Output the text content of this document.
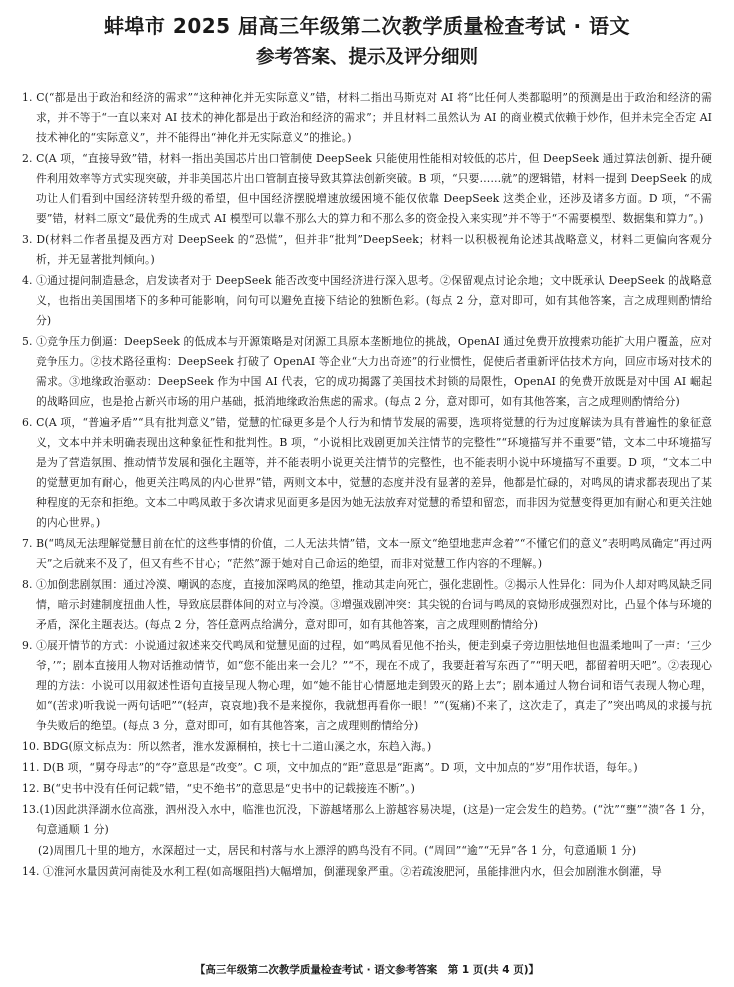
蚌埠市 2025 届高三年级第二次教学质量检查考试 · 语文
参考答案、提示及评分细则

1. C(“都是出于政治和经济的需求”“这种神化并无实际意义”错，材料二指出马斯克对 AI 将“比任何人类都聪明”的预测是出于政治和经济的需求，并不等于“一直以来对 AI 技术的神化都是出于政治和经济的需求”；并且材料二虽然认为 AI 的商业模式依赖于炒作，但并未完全否定 AI 技术神化的“实际意义”，并不能得出“神化并无实际意义”的推论。)

2. C(A 项，“直接导致”错，材料一指出美国芯片出口管制使 DeepSeek 只能使用性能相对较低的芯片，但 DeepSeek 通过算法创新、提升硬件利用效率等方式实现突破，并非美国芯片出口管制直接导致其算法创新突破。B 项，“只要……就”的逻辑错，材料一提到 DeepSeek 的成功让人们看到中国经济转型升级的希望，但中国经济摆脱增速放缓困境不能仅依靠 DeepSeek 这类企业，还涉及诸多方面。D 项，“不需要”错，材料二原文“最优秀的生成式 AI 模型可以靠不那么大的算力和不那么多的资金投入来实现”并不等于“不需要模型、数据集和算力”。)

3. D(材料二作者虽提及西方对 DeepSeek 的“恐慌”，但并非“批判”DeepSeek；材料一以积极视角论述其战略意义，材料二更偏向客观分析，并无显著批判倾向。)

4. ①通过提问制造悬念，启发读者对于 DeepSeek 能否改变中国经济进行深入思考。②保留观点讨论余地；文中既承认 DeepSeek 的战略意义，也指出美国围堵下的多种可能影响，问句可以避免直接下结论的独断色彩。(每点 2 分，意对即可，如有其他答案，言之成理则酌情给分)

5. ①竞争压力倒逼：DeepSeek 的低成本与开源策略是对闭源工具原本垄断地位的挑战，OpenAI 通过免费开放搜索功能扩大用户覆盖，应对竞争压力。②技术路径重构：DeepSeek 打破了 OpenAI 等企业“大力出奇迹”的行业惯性，促使后者重新评估技术方向，回应市场对技术的需求。③地缘政治驱动：DeepSeek 作为中国 AI 代表，它的成功揭露了美国技术封锁的局限性，OpenAI 的免费开放既是对中国 AI 崛起的战略回应，也是抢占新兴市场的用户基础，抵消地缘政治焦虑的需求。(每点 2 分，意对即可，如有其他答案，言之成理则酌情给分)

6. C(A 项，“普遍矛盾”“具有批判意义”错，觉慧的忙碌更多是个人行为和情节发展的需要，选项将觉慧的行为过度解读为具有普遍性的象征意义，文本中并未明确表现出这种象征性和批判性。B 项，“小说相比戏剧更加关注情节的完整性”“环境描写并不重要”错，文本二中环境描写是为了营造氛围、推动情节发展和强化主题等，并不能表明小说更关注情节的完整性，也不能表明小说中环境描写不重要。D 项，“文本二中的觉慧更加有耐心，他更关注鸣凤的内心世界”错，两则文本中，觉慧的态度并没有显著的差异，他都是忙碌的，对鸣凤的请求都表现出了某种程度的无奈和拒绝。文本二中鸣凤敢于多次请求见面更多是因为她无法放弃对觉慧的希望和留恋，而非因为觉慧变得更加有耐心和更关注她的内心世界。)

7. B(“鸣凤无法理解觉慧目前在忙的这些事情的价值，二人无法共情”错，文本一原文“绝望地悲声念着”“不懂它们的意义”表明鸣凤确定“再过两天”之后就来不及了，但又有些不甘心；“茫然”源于她对自己命运的绝望，而非对觉慧工作内容的不理解。)

8. ①加倒悲剧氛围：通过冷漠、嘲讽的态度，直接加深鸣凤的绝望，推动其走向死亡，强化悲剧性。②揭示人性异化：同为仆人却对鸣凤缺乏同情，暗示封建制度扭曲人性，导致底层群体间的对立与冷漠。③增强戏剧冲突：其尖锐的台词与鸣凤的哀恸形成强烈对比，凸显个体与环境的矛盾，深化主题表达。(每点 2 分，答任意两点给满分，意对即可，如有其他答案，言之成理则酌情给分)

9. ①展开情节的方式：小说通过叙述来交代鸣凤和觉慧见面的过程，如“鸣凤看见他不抬头，便走到桌子旁边胆怯地但也温柔地叫了一声：‘三少爷，’”；剧本直接用人物对话推动情节，如“您不能出来一会儿？”“不，现在不成了，我要赶着写东西了”“明天吧，都留着明天吧”。②表现心理的方法：小说可以用叙述性语句直接呈现人物心理，如“她不能甘心情愿地走到毁灭的路上去”；剧本通过人物台词和语气表现人物心理，如“(苦求)听我说一两句话吧”“(轻声，哀哀地)我不是来搅你，我就想再看你一眼！”“(冤痛)不来了，这次走了，真走了”突出鸣凤的求援与抗争失败后的绝望。(每点 3 分，意对即可，如有其他答案，言之成理则酌情给分)

10. BDG(原文标点为：所以然者，淮水发源桐柏，挟七十二道山溪之水，东趋入海。)

11. D(B 项，“舅夺母志”的“夺”意思是“改变”。C 项，文中加点的“距”意思是“距离”。D 项，文中加点的“岁”用作状语，每年。)

12. B(“史书中没有任何记载”错，“史不绝书”的意思是“史书中的记载接连不断”。)

13.(1)因此洪泽湖水位高涨，泗州没入水中，临淮也沉没，下游越堵那么上游越容易决堤，(这是)一定会发生的趋势。(“沈”“壅”“溃”各 1 分，句意通顺 1 分)

(2)周围几十里的地方，水深超过一丈，居民和村落与水上漂浮的鸥鸟没有不同。(“周回”“逾”“无异”各 1 分，句意通顺 1 分)

14. ①淮河水量因黄河南徙及水利工程(如高堰阻挡)大幅增加，倒灌现象严重。②若疏浚肥河，虽能排泄内水，但会加剧淮水倒灌，导

【高三年级第二次教学质量检查考试 · 语文参考答案　第 1 页(共 4 页)】
